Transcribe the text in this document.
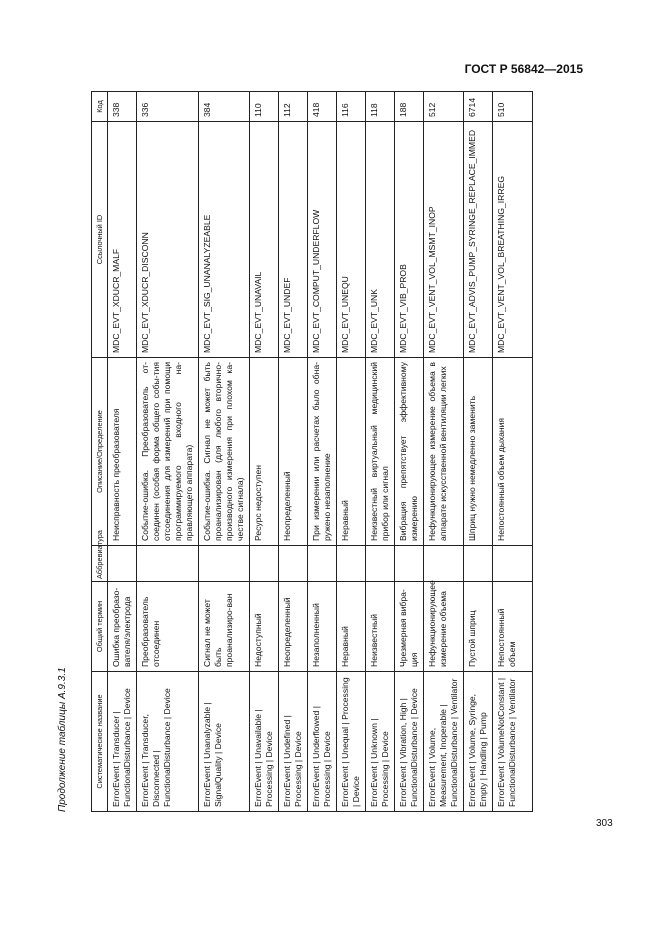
ГОСТ Р 56842—2015
303
Продолжение таблицы А.9.3.1	Систематическое название	Общий термин	Аббревиатура	Описание/Определение	Ссылочный ID	Код
ErrorEvent | Transducer | FunctionalDisturbance | Device	Ошибка преобразо-вателя/электрода		Неисправность преобразователя	MDC_EVT_XDUCR_MALF	338
ErrorEvent | Transducer, Disconnected | FunctionalDisturbance | Device	Преобразователь отсоединен		Событие-ошибка. Преобразователь от-соединен (особая форма общего собы-тия отсоединения для измерений при помощи программируемого входного на-правляющего аппарата)	MDC_EVT_XDUCR_DISCONN	336
ErrorEvent | Unanalyzable | SignalQuality | Device	Сигнал не может быть проанализиро-ван		Событие-ошибка. Сигнал не может быть проанализирован (для любого вторично-производного измерения при плохом ка-честве сигнала)	MDC_EVT_SIG_UNANALYZEABLE	384
ErrorEvent | Unavailable | Processing | Device	Недоступный		Ресурс недоступен	MDC_EVT_UNAVAIL	110
ErrorEvent | Undefined | Processing | Device	Неопределенный		Неопределенный	MDC_EVT_UNDEF	112
ErrorEvent | Underflowed | Processing | Device	Незаполненный		При измерении или расчетах было обна-ружено незаполнение	MDC_EVT_COMPUT_UNDERFLOW	418
ErrorEvent | Unequal | Processing | Device	Неравный		Неравный	MDC_EVT_UNEQU	116
ErrorEvent | Unknown | Processing | Device	Неизвестный		Неизвестный виртуальный медицинский прибор или сигнал	MDC_EVT_UNK	118
ErrorEvent | Vibration, High | FunctionalDisturbance | Device	Чрезмерная вибра-ция		Вибрация препятствует эффективному измерению	MDC_EVT_VIB_PROB	188
ErrorEvent | Volume, Measurement, Inoperable | FunctionalDisturbance | Ventilator	Нефункционирующее измерение объема		Нефункционирующее измерение объема в аппарате искусственной вентиляции легких	MDC_EVT_VENT_VOL_MSMT_INOP	512
ErrorEvent | Volume, Syringe, Empty | Handling | Pump	Пустой шприц		Шприц нужно немедленно заменить	MDC_EVT_ADVIS_PUMP_SYRINGE_REPLACE_IMMED	6714
ErrorEvent | VolumeNotConstant | FunctionalDisturbance | Ventilator	Непостоянный объем		Непостоянный объем дыхания	MDC_EVT_VENT_VOL_BREATHING_IRREG	510
